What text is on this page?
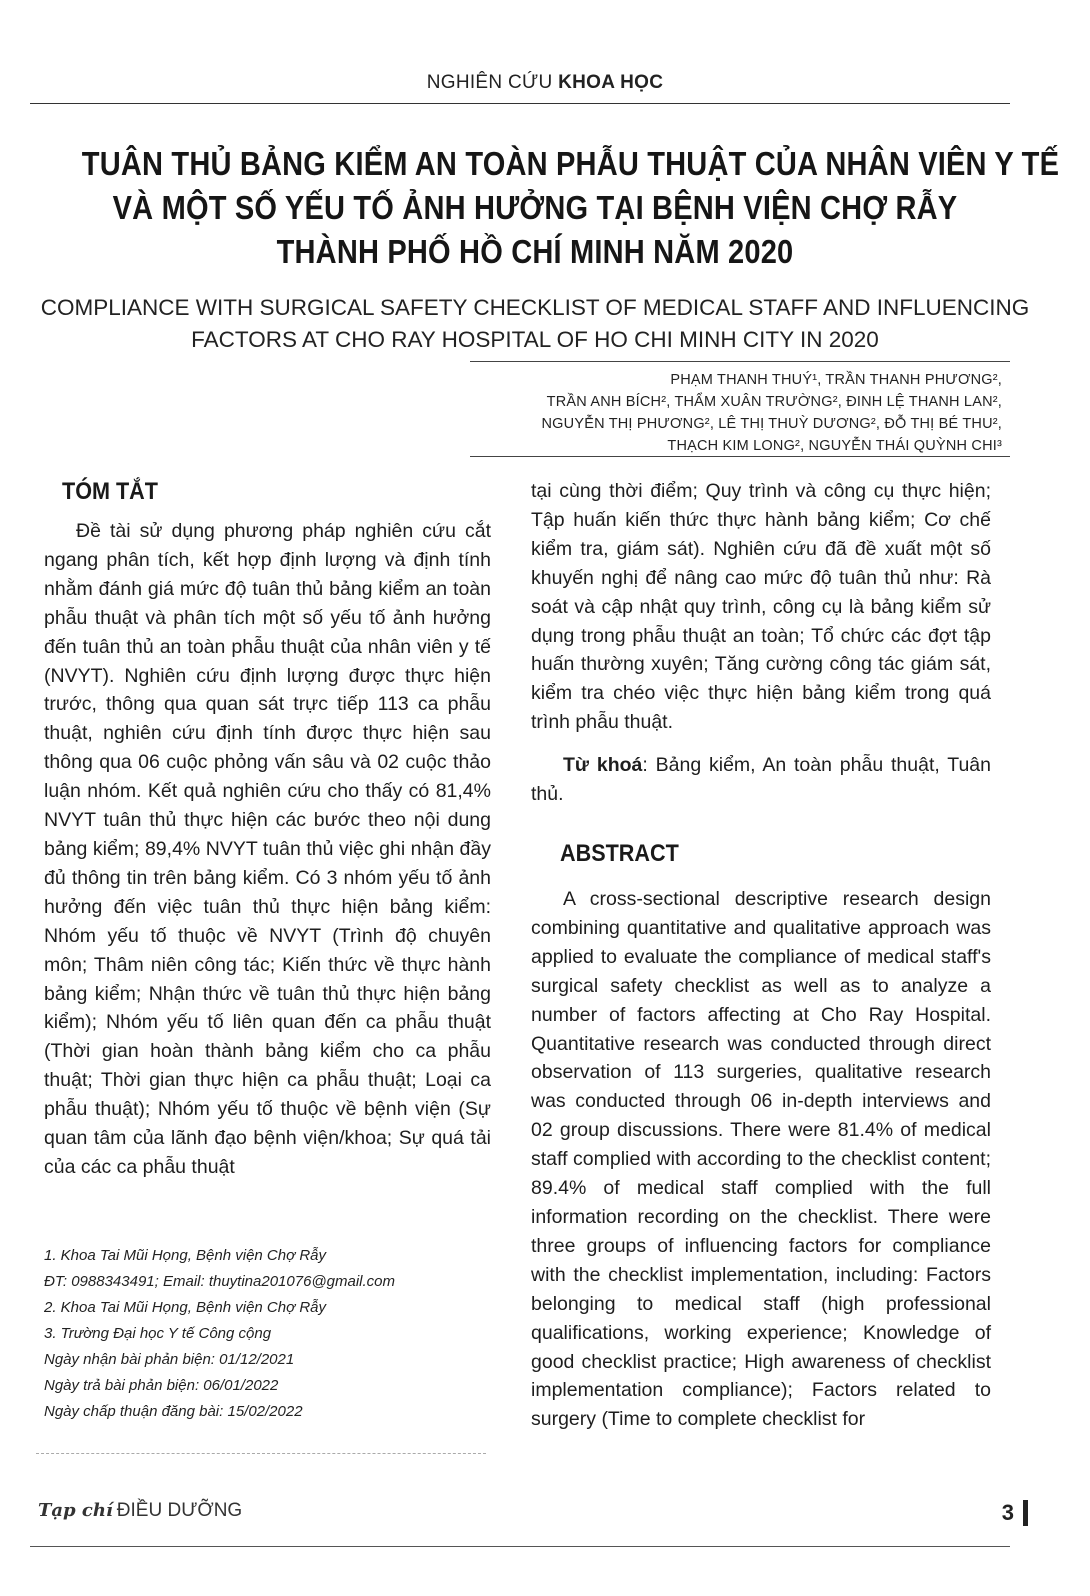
NGHIÊN CỨU KHOA HỌC
TUÂN THỦ BẢNG KIỂM AN TOÀN PHẪU THUẬT CỦA NHÂN VIÊN Y TẾ
VÀ MỘT SỐ YẾU TỐ ẢNH HƯỞNG TẠI BỆNH VIỆN CHỢ RẪY
THÀNH PHỐ HỒ CHÍ MINH NĂM 2020
COMPLIANCE WITH SURGICAL SAFETY CHECKLIST OF MEDICAL STAFF AND INFLUENCING
FACTORS AT CHO RAY HOSPITAL OF HO CHI MINH CITY IN 2020
PHẠM THANH THUÝ¹, TRẦN THANH PHƯƠNG²,
TRẦN ANH BÍCH², THẨM XUÂN TRƯỜNG², ĐINH LỆ THANH LAN²,
NGUYỄN THỊ PHƯƠNG², LÊ THỊ THUỲ DƯƠNG², ĐỖ THỊ BÉ THU²,
THẠCH KIM LONG², NGUYỄN THÁI QUỲNH CHI³
TÓM TẮT

Đề tài sử dụng phương pháp nghiên cứu cắt ngang phân tích, kết hợp định lượng và định tính nhằm đánh giá mức độ tuân thủ bảng kiểm an toàn phẫu thuật và phân tích một số yếu tố ảnh hưởng đến tuân thủ an toàn phẫu thuật của nhân viên y tế (NVYT). Nghiên cứu định lượng được thực hiện trước, thông qua quan sát trực tiếp 113 ca phẫu thuật, nghiên cứu định tính được thực hiện sau thông qua 06 cuộc phỏng vấn sâu và 02 cuộc thảo luận nhóm. Kết quả nghiên cứu cho thấy có 81,4% NVYT tuân thủ thực hiện các bước theo nội dung bảng kiểm; 89,4% NVYT tuân thủ việc ghi nhận đầy đủ thông tin trên bảng kiểm. Có 3 nhóm yếu tố ảnh hưởng đến việc tuân thủ thực hiện bảng kiểm: Nhóm yếu tố thuộc về NVYT (Trình độ chuyên môn; Thâm niên công tác; Kiến thức về thực hành bảng kiểm; Nhận thức về tuân thủ thực hiện bảng kiểm); Nhóm yếu tố liên quan đến ca phẫu thuật (Thời gian hoàn thành bảng kiểm cho ca phẫu thuật; Thời gian thực hiện ca phẫu thuật; Loại ca phẫu thuật); Nhóm yếu tố thuộc về bệnh viện (Sự quan tâm của lãnh đạo bệnh viện/khoa; Sự quá tải của các ca phẫu thuật

tại cùng thời điểm; Quy trình và công cụ thực hiện; Tập huấn kiến thức thực hành bảng kiểm; Cơ chế kiểm tra, giám sát). Nghiên cứu đã đề xuất một số khuyến nghị để nâng cao mức độ tuân thủ như: Rà soát và cập nhật quy trình, công cụ là bảng kiểm sử dụng trong phẫu thuật an toàn; Tổ chức các đợt tập huấn thường xuyên; Tăng cường công tác giám sát, kiểm tra chéo việc thực hiện bảng kiểm trong quá trình phẫu thuật.

Từ khoá: Bảng kiểm, An toàn phẫu thuật, Tuân thủ.

ABSTRACT

A cross-sectional descriptive research design combining quantitative and qualitative approach was applied to evaluate the compliance of medical staff's surgical safety checklist as well as to analyze a number of factors affecting at Cho Ray Hospital. Quantitative research was conducted through direct observation of 113 surgeries, qualitative research was conducted through 06 in-depth interviews and 02 group discussions. There were 81.4% of medical staff complied with according to the checklist content; 89.4% of medical staff complied with the full information recording on the checklist. There were three groups of influencing factors for compliance with the checklist implementation, including: Factors belonging to medical staff (high professional qualifications, working experience; Knowledge of good checklist practice; High awareness of checklist implementation compliance); Factors related to surgery (Time to complete checklist for

1. Khoa Tai Mũi Họng, Bệnh viện Chợ Rẫy
ĐT: 0988343491; Email: thuytina201076@gmail.com
2. Khoa Tai Mũi Họng, Bệnh viện Chợ Rẫy
3. Trường Đại học Y tế Công cộng
Ngày nhận bài phản biện: 01/12/2021
Ngày trả bài phản biện: 06/01/2022
Ngày chấp thuận đăng bài: 15/02/2022
Tạp chí ĐIỀU DƯỠNG	3
